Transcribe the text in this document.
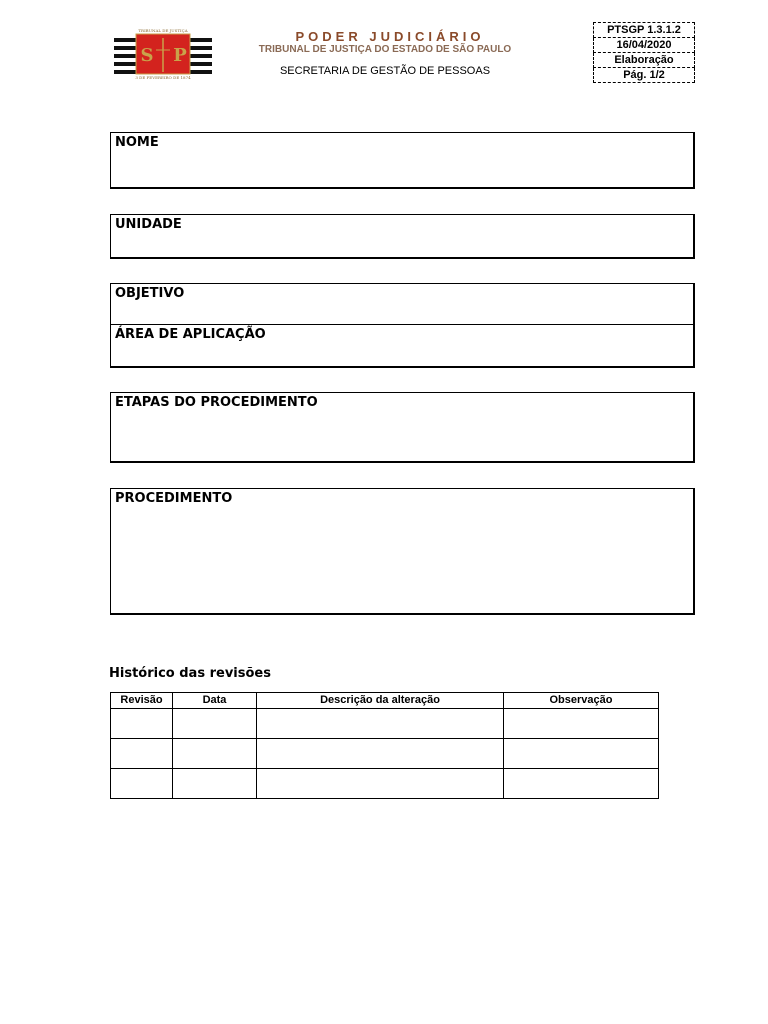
S P
TRIBUNAL DE JUSTIÇA
3 DE FEVEREIRO DE 1874
PODER JUDICIÁRIO
TRIBUNAL DE JUSTIÇA DO ESTADO DE SÃO PAULO
SECRETARIA DE GESTÃO DE PESSOAS
PTSGP 1.3.1.2
16/04/2020
Elaboração
Pág. 1/2
NOME
UNIDADE
OBJETIVO
ÁREA DE APLICAÇÃO
ETAPAS DO PROCEDIMENTO
PROCEDIMENTO
Histórico das revisões
Revisão	Data	Descrição da alteração	Observação
